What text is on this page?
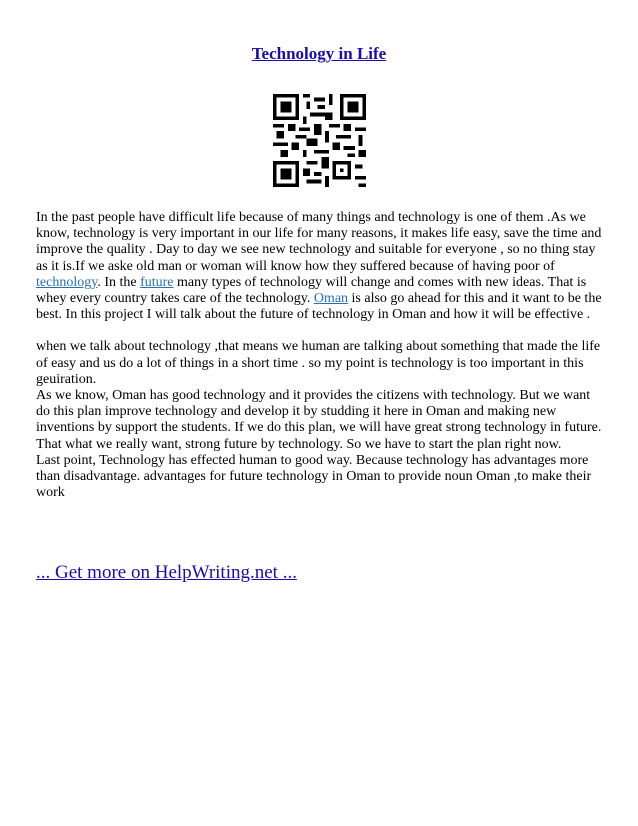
Technology in Life

In the past people have difficult life because of many things and technology is one of them .As we know, technology is very important in our life for many reasons, it makes life easy, save the time and improve the quality . Day to day we see new technology and suitable for everyone , so no thing stay as it is.If we aske old man or woman will know how they suffered because of having poor of technology. In the future many types of technology will change and comes with new ideas. That is whey every country takes care of the technology. Oman is also go ahead for this and it want to be the best. In this project I will talk about the future of technology in Oman and how it will be effective .

when we talk about technology ,that means we human are talking about something that made the life of easy and us do a lot of things in a short time . so my point is technology is too important in this geuiration.

As we know, Oman has good technology and it provides the citizens with technology. But we want do this plan improve technology and develop it by studding it here in Oman and making new inventions by support the students. If we do this plan, we will have great strong technology in future. That what we really want, strong future by technology. So we have to start the plan right now.

Last point, Technology has effected human to good way. Because technology has advantages more than disadvantage. advantages for future technology in Oman to provide noun Oman ,to make their work

... Get more on HelpWriting.net ...
